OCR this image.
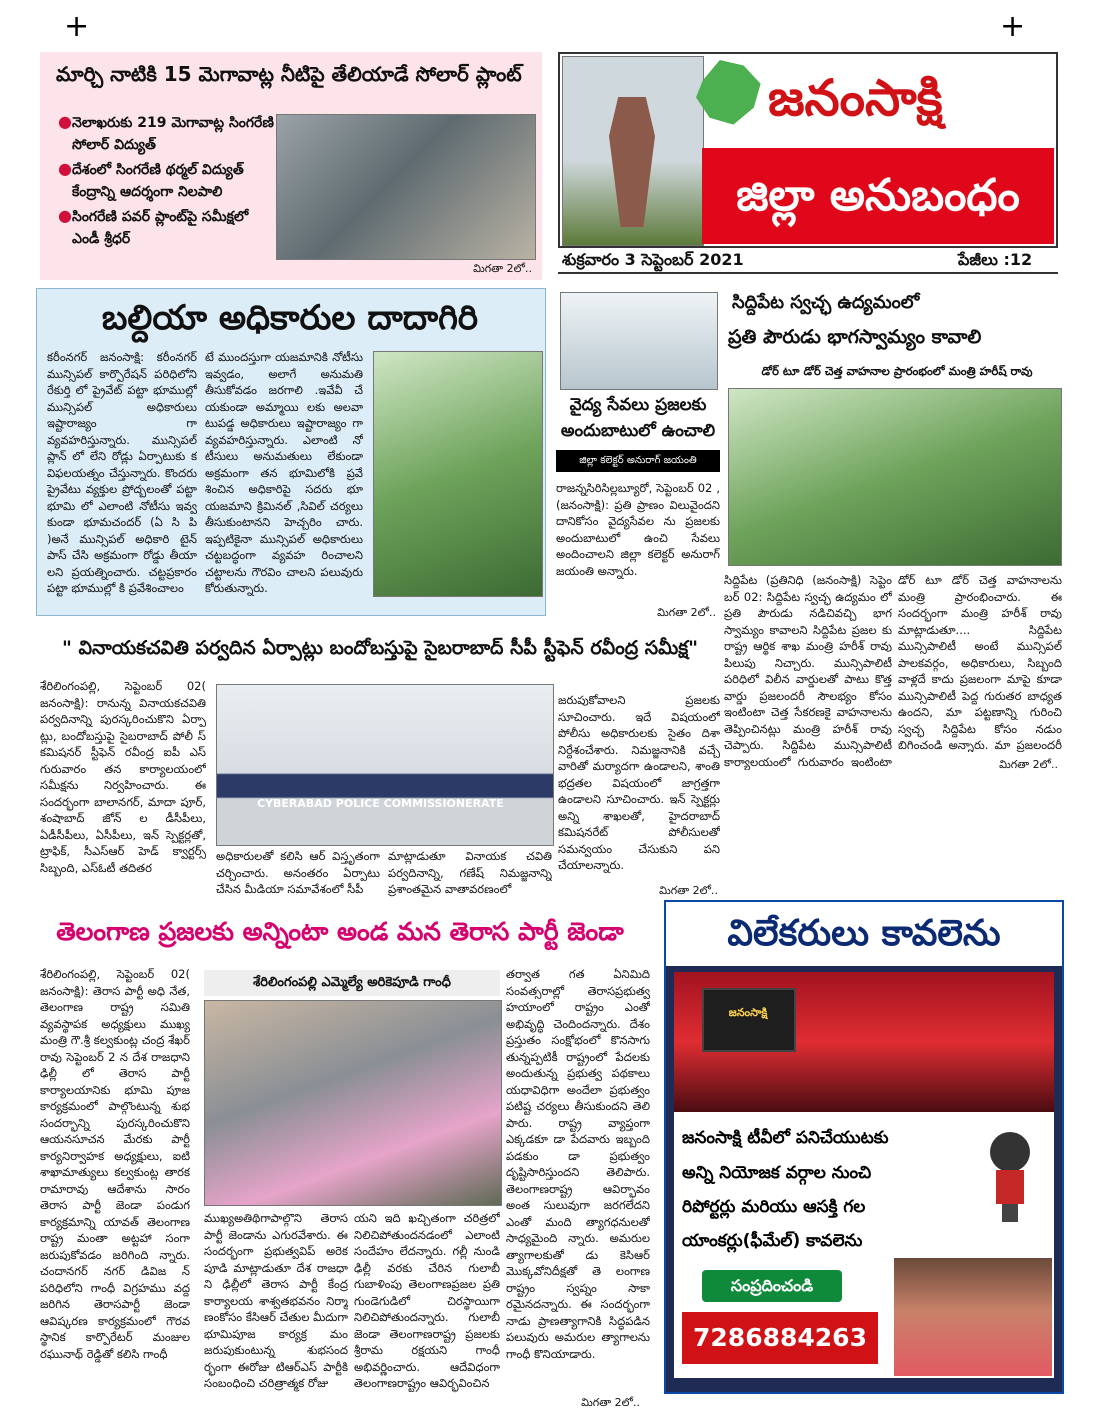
+	+
మార్చి నాటికి 15 మెగావాట్ల నీటిపై తేలియాడే సోలార్ ప్లాంట్
● నెలాఖరుకు 219 మెగావాట్ల సింగరేణి సోలార్ విద్యుత్
● దేశంలో సింగరేణి థర్మల్ విద్యుత్ కేంద్రాన్ని ఆదర్శంగా నిలపాలి
● సింగరేణి పవర్ ప్లాంట్‌పై సమీక్షలో ఎండీ శ్రీధర్
మిగతా 2లో..
జనంసాక్షి
జిల్లా అనుబంధం
శుక్రవారం 3 సెప్టెంబర్ 2021	పేజీలు :12
బల్దియా అధికారుల దాదాగిరి
కరీంనగర్ జనంసాక్షి: కరీంనగర్ మున్సిపల్ కార్పొరేషన్ పరిధిలోని రేకుర్తి లో ప్రైవేట్ పట్టా భూముల్లో మున్సిపల్ అధికారులు ఇష్టారాజ్యం గా వ్యవహరిస్తున్నారు. మున్సిపల్ ప్లాన్ లో లేని రోడ్లు ఏర్పాటుకు క విఫలయత్నం చేస్తున్నారు. కొందరు ప్రైవేటు వ్యక్తుల ప్రోద్బలంతో పట్టా భూమి లో ఎలాంటి నోటీసు ఇవ్వ కుండా భూమచందర్ (ఏ సి పి )అనే మున్సిపల్ అధికారి టైన్ పాస్ చేసి అక్రమంగా రోడ్డు తీయా లని ప్రయత్నించారు. చట్టప్రకారం పట్టా భూముల్లో కి ప్రవేశించాలం
టే ముందస్తుగా యజమానికి నోటీసు ఇవ్వడం, అలాగే అనుమతి తీసుకోవడం జరగాలి .ఇవేవీ చే యకుండా అమ్మాయి లకు అలవా టుపడ్డ అధికారులు ఇష్టారాజ్యం గా వ్యవహరిస్తున్నారు. ఎలాంటి నో టీసులు అనుమతులు లేకుండా అక్రమంగా తన భూమిలోకి ప్రవే శించిన అధికారిపై సదరు భూ యజమాని క్రిమినల్ ,సివిల్ చర్యలు తీసుకుంటానని హెచ్చరిం చారు. ఇప్పటికైనా మున్సిపల్ అధికారులు చట్టబద్ధంగా వ్యవహ రించాలని చట్టాలను గౌరవిం చాలని పలువురు కోరుతున్నారు.
వైద్య సేవలు ప్రజలకు అందుబాటులో ఉంచాలి
జిల్లా కలెక్టర్ అనురాగ్ జయంతి
రాజన్నసిరిసిల్లబ్యూరో, సెప్టెంబర్ 02 , (జనంసాక్షి): ప్రతి ప్రాణం విలువైందని దానికోసం వైద్యసేవల ను ప్రజలకు అందుబాటులో ఉంచి సేవలు అందించాలని జిల్లా కలెక్టర్ అనురాగ్ జయంతి అన్నారు.
మిగతా 2లో..
సిద్దిపేట స్వచ్ఛ ఉద్యమంలో
ప్రతి పౌరుడు భాగస్వామ్యం కావాలి
డోర్ టూ డోర్ చెత్త వాహనాల ప్రారంభంలో మంత్రి హరీష్ రావు
సిద్దిపేట (ప్రతినిధి (జనంసాక్షి) సెప్టెం బర్ 02: సిద్దిపేట స్వచ్ఛ ఉద్యమం లో ప్రతి పౌరుడు నడిచివచ్చి భాగ స్వామ్యం కావాలని సిద్దిపేట ప్రజల కు రాష్ట్ర ఆర్థిక శాఖ మంత్రి హరీశ్ రావు పిలుపు నిచ్చారు. మున్సిపాలిటీ పరిధిలో విలీన వార్డులతో పాటు కొత్త వార్డు ప్రజలందరీ సౌలభ్యం కోసం ఇంటింటా చెత్త సేకరణకై వాహనాలను తెప్పించినట్లు మంత్రి హరీశ్ రావు చెప్పారు. సిద్దిపేట మున్సిపాలిటీ కార్యాలయంలో గురువారం ఇంటింటా
డోర్ టూ డోర్ చెత్త వాహనాలను మంత్రి ప్రారంభించారు. ఈ సందర్భంగా మంత్రి హరీశ్ రావు మాట్లాడుతూ.... సిద్దిపేట మున్సిపాలిటీ అంటే మున్సిపల్ పాలకవర్గం, అధికారులు, సిబ్బంది వాళ్లదే కాదు ప్రజలంగా మాపై కూడా మున్సిపాలిటీ పెద్ద గురుతర బాధ్యత ఉందని, మా పట్టణాన్ని గురించి స్వచ్ఛ సిద్దిపేట కోసం నడుం బిగించండి అన్నారు. మా ప్రజలందరీ
మిగతా 2లో..
" వినాయకచవితి పర్వదిన ఏర్పాట్లు బందోబస్తుపై సైబరాబాద్ సీపీ స్టీఫెన్ రవీంద్ర సమీక్ష"
శేరిలింగంపల్లి, సెప్టెంబర్ 02( జనంసాక్షి): రానున్న వినాయకచవితి పర్వదినాన్ని పురస్కరించుకొని ఏర్పా ట్లు, బందోబస్తుపై సైబరాబాద్ పోలీ స్ కమిషనర్ స్టీఫెన్ రవీంద్ర ఐపీ ఎస్ గురువారం తన కార్యాలయంలో సమీక్షను నిర్వహించారు. ఈ సందర్భంగా బాలానగర్, మాదా పూర్, శంషాబాద్ జోన్ ల డీసీపీలు, ఏడీసీపీలు, ఏసీపీలు, ఇన్ స్పెక్టర్లతో, ట్రాఫిక్, సీఎస్‌ఆర్ హెడ్ క్వార్టర్స్ సిబ్బంది, ఎస్‌ఓటీ తదితర
CYBERABAD POLICE COMMISSIONERATE
అధికారులతో కలిసి ఆర్ విస్తృతంగా చర్చించారు. అనంతరం ఏర్పాటు చేసిన మీడియా సమావేశంలో సీపీ
మాట్లాడుతూ వినాయక చవితి పర్వదినాన్ని, గణేష్ నిమజ్జనాన్ని ప్రశాంతమైన వాతావరణంలో
జరుపుకోవాలని ప్రజలకు సూచించారు. ఇదే విషయంలో పోలీసు అధికారులకు సైతం దిశా నిర్దేశంచేశారు. నిమజ్జనానికి వచ్చే వారితో మర్యాదగా ఉండాలని, శాంతి భద్రతల విషయంలో జాగ్రత్తగా ఉండాలని సూచించారు. ఇన్ స్పెక్టర్లు అన్ని శాఖలతో, హైదరాబాద్ కమిషనరేట్ పోలీసులతో సమన్వయం చేసుకుని పని చేయాలన్నారు.
మిగతా 2లో..
తెలంగాణ ప్రజలకు అన్నింటా అండ మన తెరాస పార్టీ జెండా
శేరిలింగంపల్లి, సెప్టెంబర్ 02( జనంసాక్షి): తెరాస పార్టీ అధి నేత, తెలంగాణ రాష్ట్ర సమితి వ్యవస్థాపక అధ్యక్షులు ముఖ్య మంత్రి గౌ.శ్రీ కల్వకుంట్ల చంద్ర శేఖర్ రావు సెప్టెంబర్ 2 న దేశ రాజధాని ఢిల్లీ లో తెరాస పార్టీ కార్యాలయానికు భూమి పూజ కార్యక్రమంలో పాల్గొంటున్న శుభ సందర్భాన్ని పురస్కరించుకొని ఆయనసూచన మేరకు పార్టీ కార్యనిర్వాహక అధ్యక్షులు, ఐటి శాఖామాత్యులు కల్వకుంట్ల తారక రామారావు ఆదేశాను సారం తెరాస పార్టీ జెండా పండుగ కార్యక్రమాన్ని యావత్ తెలంగాణ రాష్ట్ర మంతా అట్టహా సంగా జరుపుకోవడం జరిగింది న్నారు. చందానగర్ నగర్ డివిజ న్ పరిధిలోని గాంధీ విగ్రహము వద్ద జరిగిన తెరాసపార్టీ జెండా ఆవిష్కరణ కార్యక్రమంలో గౌరవ స్థానిక కార్పొరేటర్ మంజుల రఘునాథ్ రెడ్డితో కలిసి గాంధీ
శేరిలింగంపల్లి ఎమ్మెల్యే అరికెపూడి గాంధీ
ముఖ్యఅతిథిగాపాల్గొని తెరాస పార్టీ జెండాను ఎగురవేశారు. ఈ సందర్భంగా ప్రభుత్వవిప్ అరెక పూడి మాట్లాడుతూ దేశ రాజధా ని ఢిల్లీలో తెరాస పార్టీ కేంద్ర కార్యాలయ శాశ్వతభవనం నిర్మా ణంకోసం కేసిఆర్ చేతుల మీదుగా భూమిపూజ కార్యక్ర మం జరుపుకుంటున్న శుభసంద ర్భంగా ఈరోజు టిఆర్ఎస్ పార్టీకి సంబంధించి చరిత్రాత్మక రోజు
యని ఇది ఖచ్చితంగా చరిత్రలో నిలిచిపోతుందనడంలో ఎలాంటి సందేహం లేదన్నారు. గల్లీ నుండి ఢిల్లీ వరకు చేరిన గులాబీ గుబాళింపు తెలంగాణప్రజల ప్రతి గుండెగుడిలో చిరస్థాయిగా నిలిచిపోతుందన్నారు. గులాబీ జెండా తెలంగాణరాష్ట్ర ప్రజలకు శ్రీరామ రక్షయని గాంధీ అభివర్ణించారు. ఆదేవిధంగా తెలంగాణరాష్ట్రం ఆవిర్భవించిన
తర్వాత గత ఏనిమిది సంవత్సరాల్లో తెరాసప్రభుత్వ హయాంలో రాష్ట్రం ఎంతో అభివృద్ధి చెందిందన్నారు. దేశం ప్రస్తుతం సంక్షోభంలో కొనసాగు తున్నప్పటికీ రాష్ట్రంలో పేదలకు అందుతున్న ప్రభుత్వ పథకాలు యధావిధిగా అందేలా ప్రభుత్వం పటిష్ట చర్యలు తీసుకుందని తెలి పారు. రాష్ట్ర వ్యాప్తంగా ఎక్కడకూ డా పేదవారు ఇబ్బంది పడకుం డా ప్రభుత్వం దృష్టిసారిస్తుందని తెలిపారు. తెలంగాణరాష్ట్ర ఆవిర్భావం అంత సులువుగా జరగలేదని ఎంతో మంది త్యాగధనులతో సాధ్యమైంది న్నారు. అమరుల త్యాగాలకుతో డు కెసిఆర్ మొక్కవోనిదీక్షతో తె లంగాణ రాష్ట్రం స్వప్నం సాకా రమైనదన్నారు. ఈ సందర్భంగా నాడు ప్రాణత్యాగానికి సిద్ధపడిన పలువురు అమరుల త్యాగాలను గాంధీ కొనియాడారు.
మిగతా 2లో..
విలేకరులు కావలెను
జనంసాక్షి
జనంసాక్షి టీవీలో పనిచేయుటకు
అన్ని నియోజక వర్గాల నుంచి
రిపోర్టర్లు మరియు ఆసక్తి గల
యాంకర్లు(ఫీమేల్) కావలెను
సంప్రదించండి
7286884263
